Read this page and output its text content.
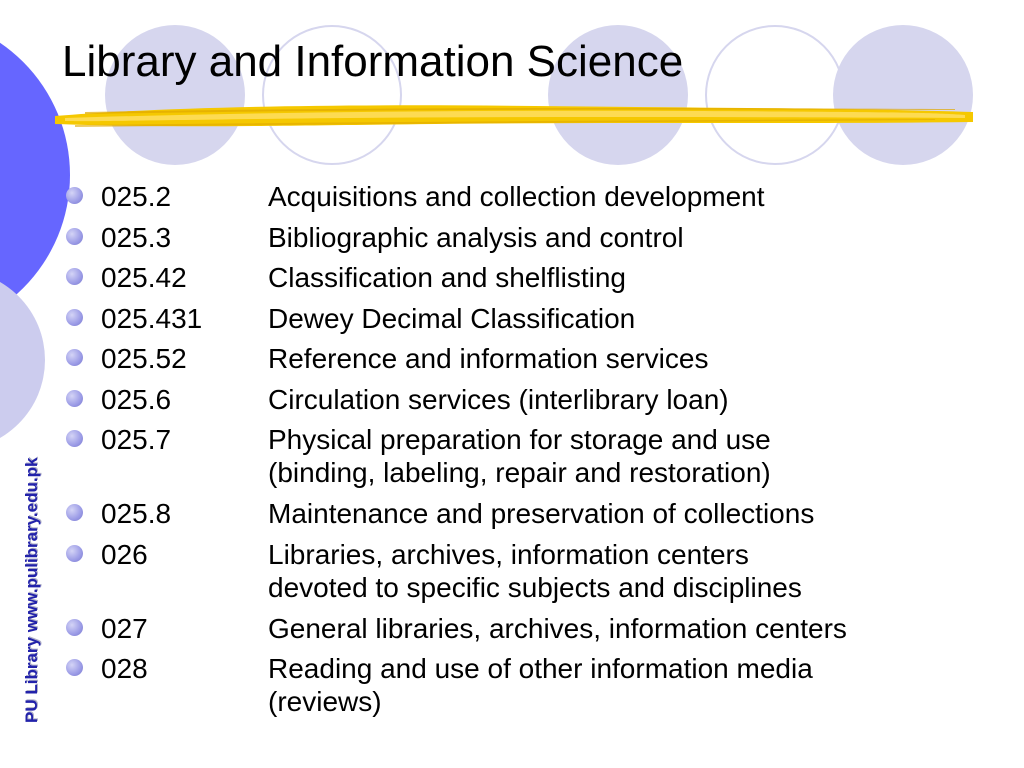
Library and Information Science
PU Library www.pulibrary.edu.pk
025.2	Acquisitions and collection development
025.3	Bibliographic analysis and control
025.42	Classification and shelflisting
025.431	Dewey Decimal Classification
025.52	Reference and information services
025.6	Circulation services (interlibrary loan)
025.7	Physical preparation for storage and use
(binding, labeling, repair and restoration)
025.8	Maintenance and preservation of collections
026	Libraries, archives, information centers
devoted to specific subjects and disciplines
027	General libraries, archives, information centers
028	Reading and use of other information media
(reviews)
